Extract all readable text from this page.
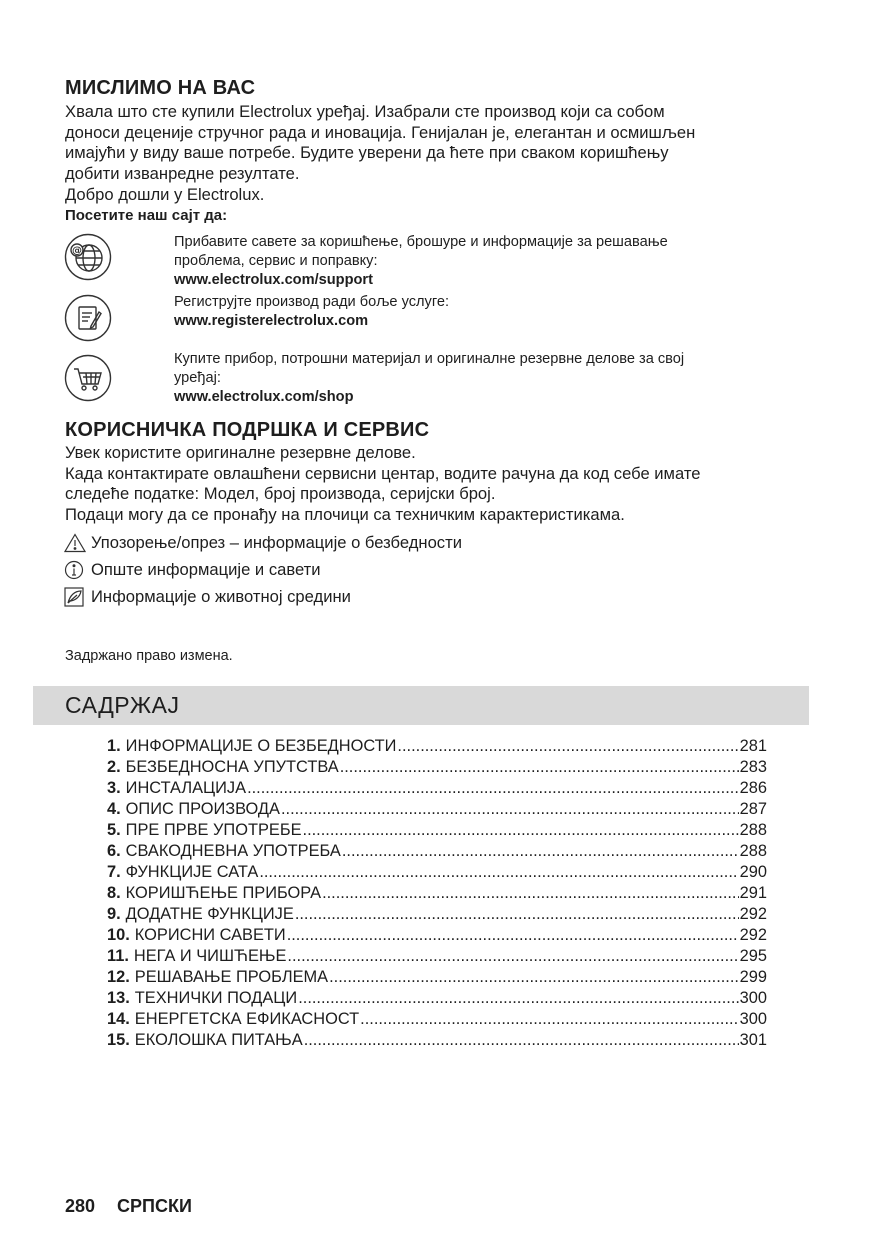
МИСЛИМО НА ВАС
Хвала што сте купили Electrolux уређај. Изабрали сте производ који са собом
доноси деценије стручног рада и иновација. Генијалан је, елегантан и осмишљен
имајући у виду ваше потребе. Будите уверени да ћете при сваком коришћењу
добити изванредне резултате.
Добро дошли у Electrolux.
Посетите наш сајт да:
@
Прибавите савете за коришћење, брошуре и информације за решавање
проблема, сервис и поправку:
www.electrolux.com/support
Региструјте производ ради боље услуге:
www.registerelectrolux.com
Купите прибор, потрошни материјал и оригиналне резервне делове за свој
уређај:
www.electrolux.com/shop
КОРИСНИЧКА ПОДРШКА И СЕРВИС
Увек користите оригиналне резервне делове.
Када контактирате овлашћени сервисни центар, водите рачуна да код себе имате
следеће податке: Модел, број производа, серијски број.
Подаци могу да се пронађу на плочици са техничким карактеристикама.
Упозорење/опрез – информације о безбедности
Опште информације и савети
Информације о животној средини
Задржано право измена.
САДРЖАЈ
1. ИНФОРМАЦИЈЕ О БЕЗБЕДНОСТИ .....	281
2. БЕЗБЕДНОСНА УПУТСТВА .....	283
3. ИНСТАЛАЦИЈА .....	286
4. ОПИС ПРОИЗВОДА .....	287
5. ПРЕ ПРВЕ УПОТРЕБЕ .....	288
6. СВАКОДНЕВНА УПОТРЕБА .....	288
7. ФУНКЦИЈЕ САТА .....	290
8. КОРИШЋЕЊЕ ПРИБОРА .....	291
9. ДОДАТНЕ ФУНКЦИЈЕ .....	292
10. КОРИСНИ САВЕТИ .....	292
11. НЕГА И ЧИШЋЕЊЕ .....	295
12. РЕШАВАЊЕ ПРОБЛЕМА .....	299
13. ТЕХНИЧКИ ПОДАЦИ .....	300
14. ЕНЕРГЕТСКА ЕФИКАСНОСТ .....	300
15. ЕКОЛОШКА ПИТАЊА .....	301
280 СРПСКИ
